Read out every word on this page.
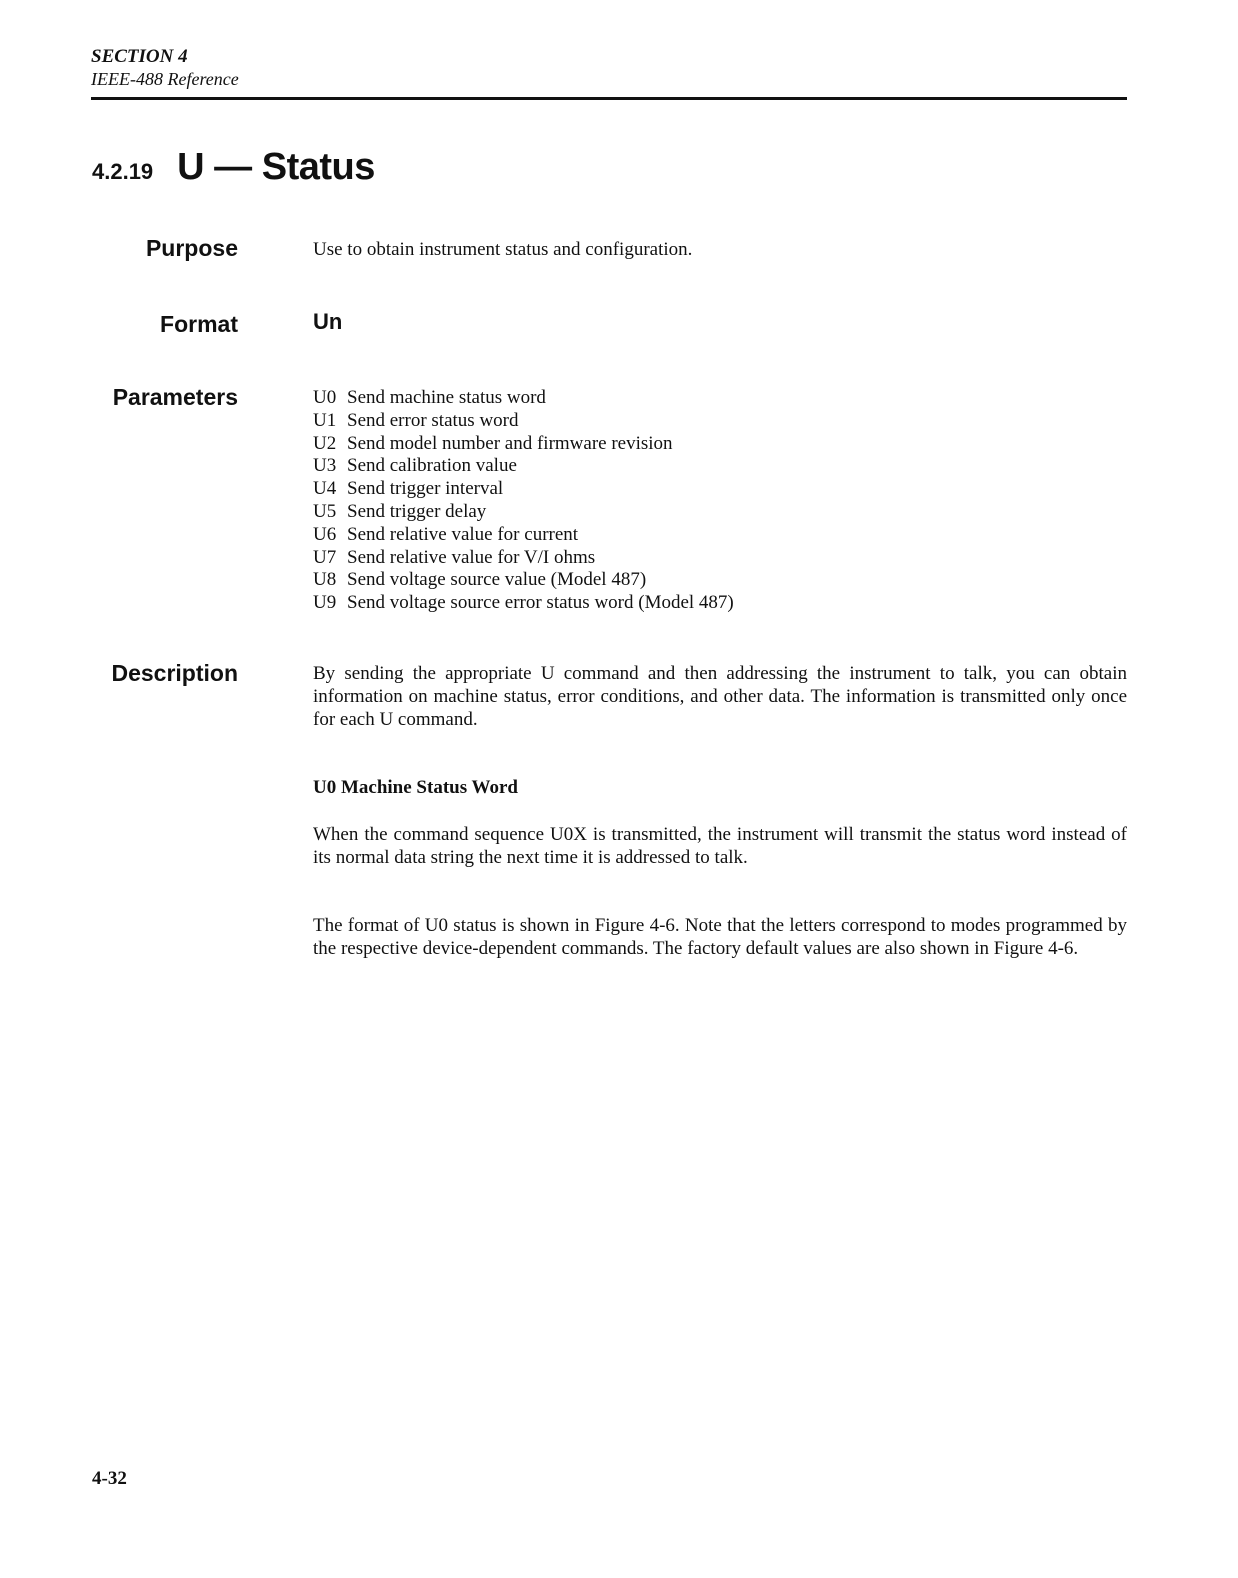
SECTION 4
IEEE-488 Reference
4.2.19 U — Status
Purpose	Use to obtain instrument status and configuration.
Format	Un
Parameters	U0 Send machine status word
U1 Send error status word
U2 Send model number and firmware revision
U3 Send calibration value
U4 Send trigger interval
U5 Send trigger delay
U6 Send relative value for current
U7 Send relative value for V/I ohms
U8 Send voltage source value (Model 487)
U9 Send voltage source error status word (Model 487)
Description	By sending the appropriate U command and then addressing the instrument to talk, you can obtain information on machine status, error conditions, and other data. The information is transmitted only once for each U command.
U0 Machine Status Word
When the command sequence U0X is transmitted, the instrument will transmit the status word instead of its normal data string the next time it is addressed to talk.
The format of U0 status is shown in Figure 4-6. Note that the letters correspond to modes programmed by the respective device-dependent commands. The factory default values are also shown in Figure 4-6.
4-32
